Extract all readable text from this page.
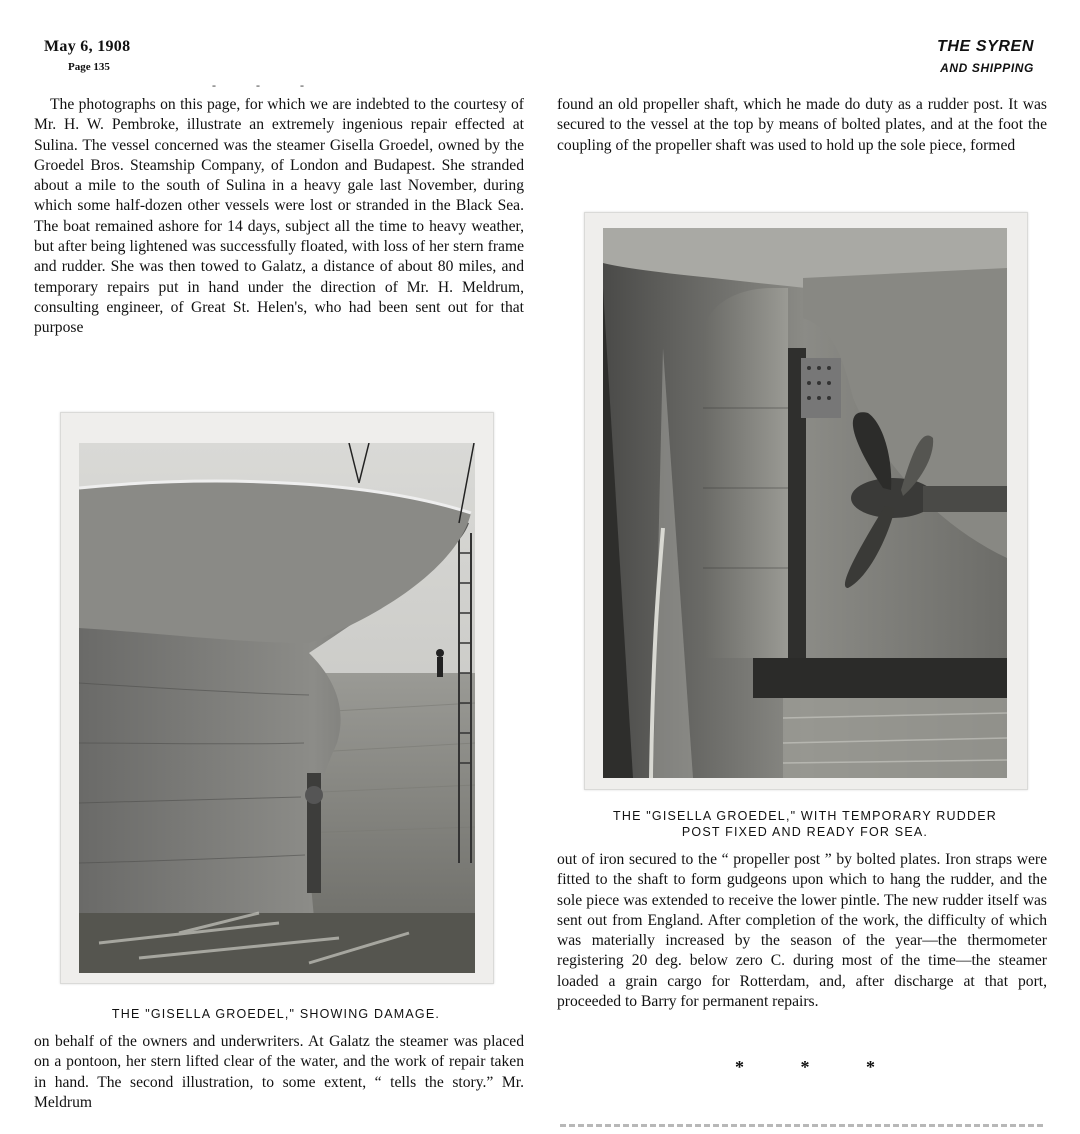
May 6, 1908
Page 135
THE SYREN
AND SHIPPING
‐‐‐

The photographs on this page, for which we are indebted to the courtesy of Mr. H. W. Pembroke, illustrate an extremely ingenious repair effected at Sulina. The vessel concerned was the steamer Gisella Groedel, owned by the Groedel Bros. Steamship Company, of London and Budapest. She stranded about a mile to the south of Sulina in a heavy gale last November, during which some half-dozen other vessels were lost or stranded in the Black Sea. The boat remained ashore for 14 days, subject all the time to heavy weather, but after being lightened was successfully floated, with loss of her stern frame and rudder. She was then towed to Galatz, a distance of about 80 miles, and temporary repairs put in hand under the direction of Mr. H. Meldrum, consulting engineer, of Great St. Helen's, who had been sent out for that purpose

THE "GISELLA GROEDEL," SHOWING DAMAGE.

on behalf of the owners and underwriters. At Galatz the steamer was placed on a pontoon, her stern lifted clear of the water, and the work of repair taken in hand. The second illustration, to some extent, “ tells the story.” Mr. Meldrum

found an old propeller shaft, which he made do duty as a rudder post. It was secured to the vessel at the top by means of bolted plates, and at the foot the coupling of the propeller shaft was used to hold up the sole piece, formed

THE "GISELLA GROEDEL," WITH TEMPORARY RUDDER
POST FIXED AND READY FOR SEA.

out of iron secured to the “ propeller post ” by bolted plates. Iron straps were fitted to the shaft to form gudgeons upon which to hang the rudder, and the sole piece was extended to receive the lower pintle. The new rudder itself was sent out from England. After completion of the work, the difficulty of which was materially increased by the season of the year—the thermometer registering 20 deg. below zero C. during most of the time—the steamer loaded a grain cargo for Rotterdam, and, after discharge at that port, proceeded to Barry for permanent repairs.

*	*	*
